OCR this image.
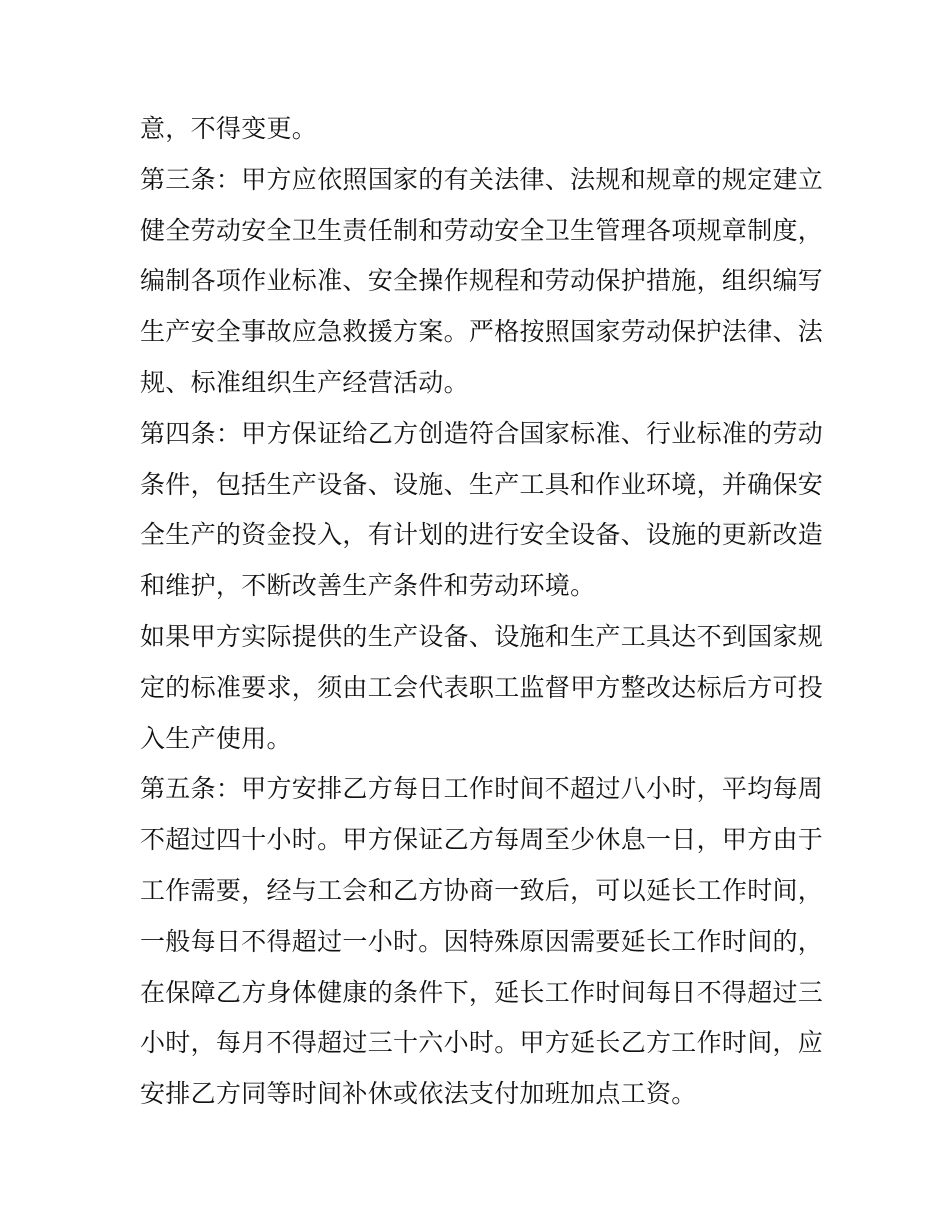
意，不得变更。
第三条：甲方应依照国家的有关法律、法规和规章的规定建立
健全劳动安全卫生责任制和劳动安全卫生管理各项规章制度，
编制各项作业标准、安全操作规程和劳动保护措施，组织编写
生产安全事故应急救援方案。严格按照国家劳动保护法律、法
规、标准组织生产经营活动。
第四条：甲方保证给乙方创造符合国家标准、行业标准的劳动
条件，包括生产设备、设施、生产工具和作业环境，并确保安
全生产的资金投入，有计划的进行安全设备、设施的更新改造
和维护，不断改善生产条件和劳动环境。
如果甲方实际提供的生产设备、设施和生产工具达不到国家规
定的标准要求，须由工会代表职工监督甲方整改达标后方可投
入生产使用。
第五条：甲方安排乙方每日工作时间不超过八小时，平均每周
不超过四十小时。甲方保证乙方每周至少休息一日，甲方由于
工作需要，经与工会和乙方协商一致后，可以延长工作时间，
一般每日不得超过一小时。因特殊原因需要延长工作时间的，
在保障乙方身体健康的条件下，延长工作时间每日不得超过三
小时，每月不得超过三十六小时。甲方延长乙方工作时间，应
安排乙方同等时间补休或依法支付加班加点工资。
